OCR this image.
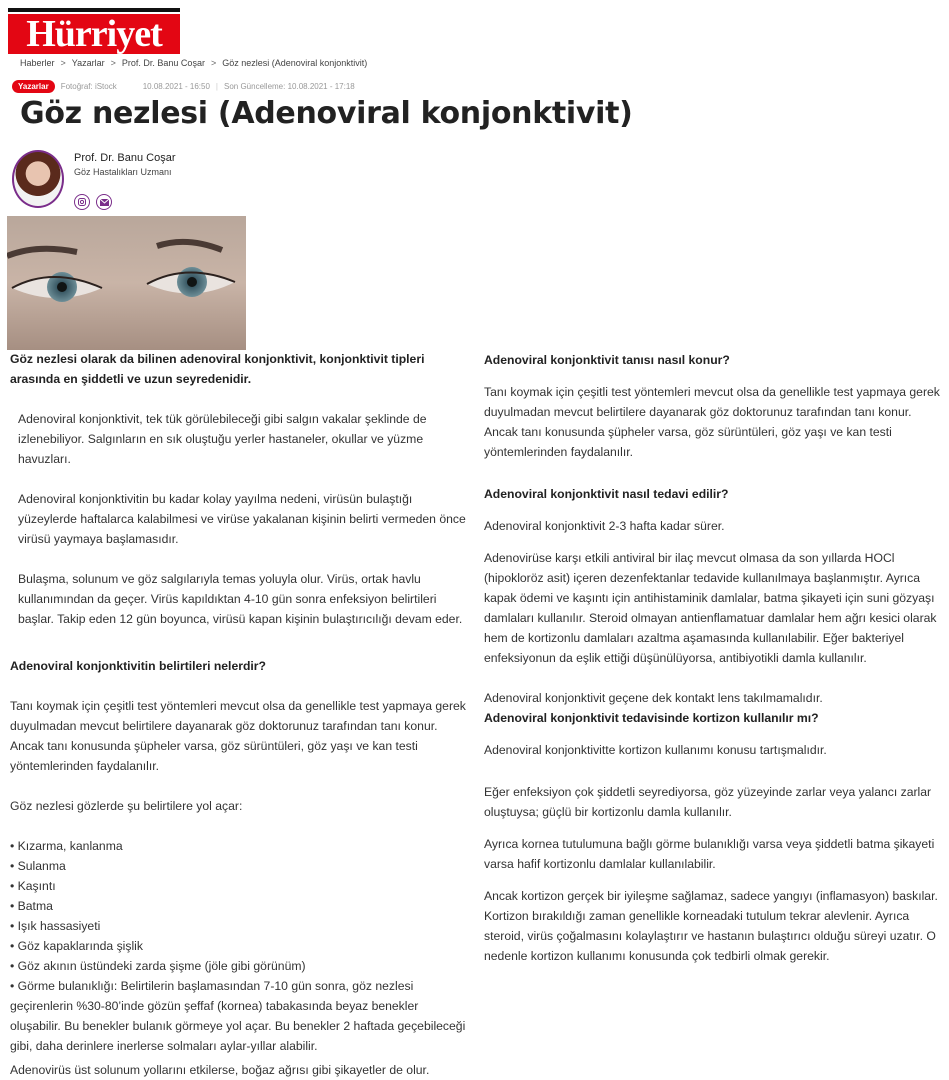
Hürriyet
Haberler > Yazarlar > Prof. Dr. Banu Coşar > Göz nezlesi (Adenoviral konjonktivit)
Yazarlar	Fotoğraf: iStock	10.08.2021 - 16:50 | Son Güncelleme: 10.08.2021 - 17:18
Göz nezlesi (Adenoviral konjonktivit)
Prof. Dr. Banu Coşar
Göz Hastalıkları Uzmanı
Göz nezlesi olarak da bilinen adenoviral konjonktivit, konjonktivit tipleri arasında en şiddetli ve uzun seyredenidir.

Adenoviral konjonktivit, tek tük görülebileceği gibi salgın vakalar şeklinde de izlenebiliyor. Salgınların en sık oluştuğu yerler hastaneler, okullar ve yüzme havuzları.

Adenoviral konjonktivitin bu kadar kolay yayılma nedeni, virüsün bulaştığı yüzeylerde haftalarca kalabilmesi ve virüse yakalanan kişinin belirti vermeden önce virüsü yaymaya başlamasıdır.

Bulaşma, solunum ve göz salgılarıyla temas yoluyla olur. Virüs, ortak havlu kullanımından da geçer. Virüs kapıldıktan 4-10 gün sonra enfeksiyon belirtileri başlar. Takip eden 12 gün boyunca, virüsü kapan kişinin bulaştırıcılığı devam eder.

Adenoviral konjonktivitin belirtileri nelerdir?

Tanı koymak için çeşitli test yöntemleri mevcut olsa da genellikle test yapmaya gerek duyulmadan mevcut belirtilere dayanarak göz doktorunuz tarafından tanı konur. Ancak tanı konusunda şüpheler varsa, göz sürüntüleri, göz yaşı ve kan testi yöntemlerinden faydalanılır.

Göz nezlesi gözlerde şu belirtilere yol açar:

• Kızarma, kanlanma

• Sulanma

• Kaşıntı

• Batma

• Işık hassasiyeti

• Göz kapaklarında şişlik

• Göz akının üstündeki zarda şişme (jöle gibi görünüm)

• Görme bulanıklığı: Belirtilerin başlamasından 7-10 gün sonra, göz nezlesi geçirenlerin %30-80’inde gözün şeffaf (kornea) tabakasında beyaz benekler oluşabilir. Bu benekler bulanık görmeye yol açar. Bu benekler 2 haftada geçebileceği gibi, daha derinlere inerlerse solmaları aylar-yıllar alabilir.

Adenovirüs üst solunum yollarını etkilerse, boğaz ağrısı gibi şikayetler de olur.

Adenoviral konjonktivit tanısı nasıl konur?

Tanı koymak için çeşitli test yöntemleri mevcut olsa da genellikle test yapmaya gerek duyulmadan mevcut belirtilere dayanarak göz doktorunuz tarafından tanı konur. Ancak tanı konusunda şüpheler varsa, göz sürüntüleri, göz yaşı ve kan testi yöntemlerinden faydalanılır.

Adenoviral konjonktivit nasıl tedavi edilir?

Adenoviral konjonktivit 2-3 hafta kadar sürer.

Adenovirüse karşı etkili antiviral bir ilaç mevcut olmasa da son yıllarda HOCl (hipokloröz asit) içeren dezenfektanlar tedavide kullanılmaya başlanmıştır. Ayrıca kapak ödemi ve kaşıntı için antihistaminik damlalar, batma şikayeti için suni gözyaşı damlaları kullanılır. Steroid olmayan antienflamatuar damlalar hem ağrı kesici olarak hem de kortizonlu damlaları azaltma aşamasında kullanılabilir. Eğer bakteriyel enfeksiyonun da eşlik ettiği düşünülüyorsa, antibiyotikli damla kullanılır.

Adenoviral konjonktivit geçene dek kontakt lens takılmamalıdır.

Adenoviral konjonktivit tedavisinde kortizon kullanılır mı?

Adenoviral konjonktivitte kortizon kullanımı konusu tartışmalıdır.

Eğer enfeksiyon çok şiddetli seyrediyorsa, göz yüzeyinde zarlar veya yalancı zarlar oluştuysa; güçlü bir kortizonlu damla kullanılır.

Ayrıca kornea tutulumuna bağlı görme bulanıklığı varsa veya şiddetli batma şikayeti varsa hafif kortizonlu damlalar kullanılabilir.

Ancak kortizon gerçek bir iyileşme sağlamaz, sadece yangıyı (inflamasyon) baskılar. Kortizon bırakıldığı zaman genellikle korneadaki tutulum tekrar alevlenir. Ayrıca steroid, virüs çoğalmasını kolaylaştırır ve hastanın bulaştırıcı olduğu süreyi uzatır. O nedenle kortizon kullanımı konusunda çok tedbirli olmak gerekir.
